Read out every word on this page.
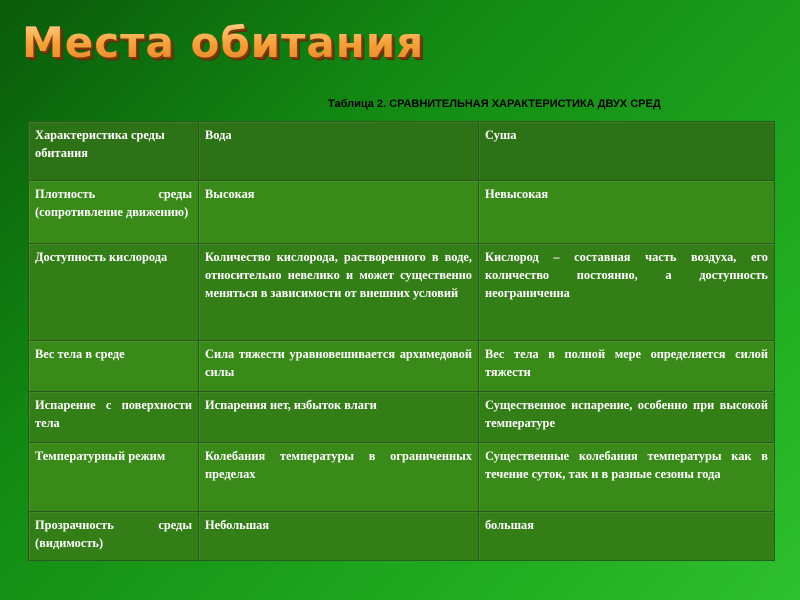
Места обитания
Таблица 2. СРАВНИТЕЛЬНАЯ ХАРАКТЕРИСТИКА ДВУХ СРЕД
Характеристика среды обитания	Вода	Суша
Плотность среды (сопротивление движению)	Высокая	Невысокая
Доступность кислорода	Количество кислорода, растворенного в воде, относительно невелико и может существенно меняться в зависимости от внешних условий	Кислород – составная часть воздуха, его количество постоянно, а доступность неограниченна
Вес тела в среде	Сила тяжести уравновешивается архимедовой силы	Вес тела в полной мере определяется силой тяжести
Испарение с поверхности тела	Испарения нет, избыток влаги	Существенное испарение, особенно при высокой температуре
Температурный режим	Колебания температуры в ограниченных пределах	Существенные колебания температуры как в течение суток, так и в разные сезоны года
Прозрачность среды (видимость)	Небольшая	большая
